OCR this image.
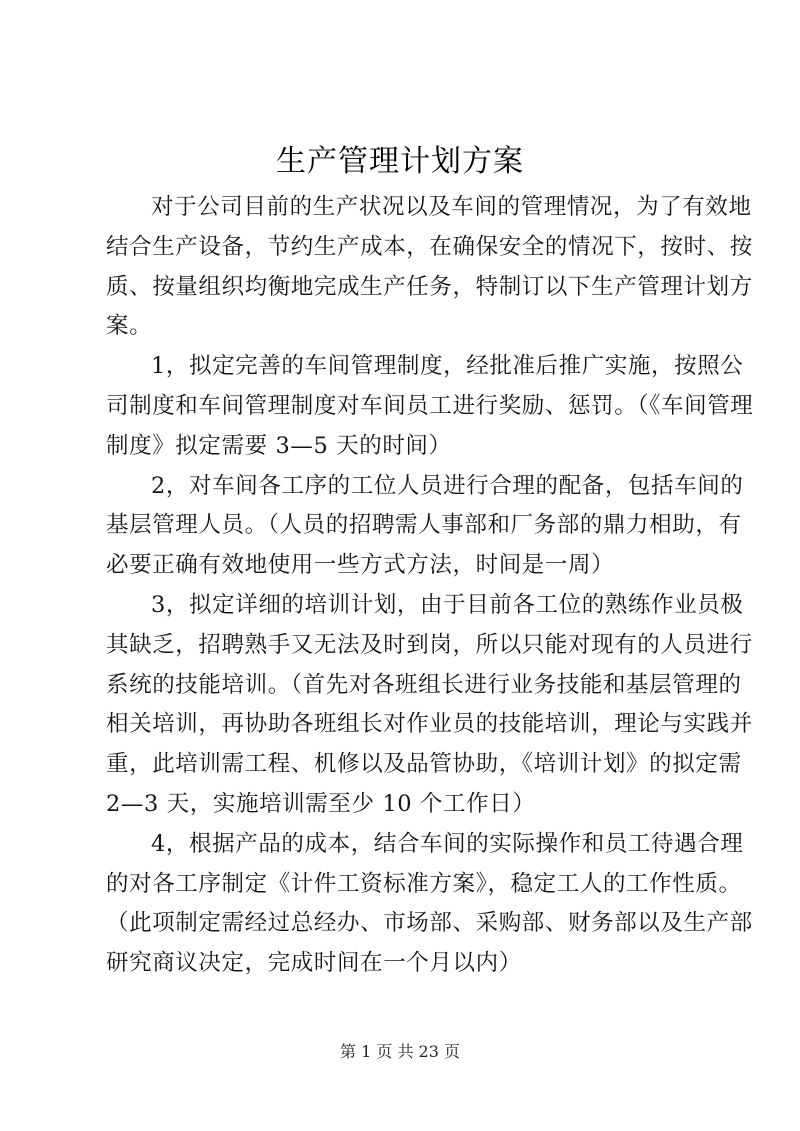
生产管理计划方案
对于公司目前的生产状况以及车间的管理情况，为了有效地
结合生产设备，节约生产成本，在确保安全的情况下，按时、按
质、按量组织均衡地完成生产任务，特制订以下生产管理计划方
案。
1，拟定完善的车间管理制度，经批准后推广实施，按照公
司制度和车间管理制度对车间员工进行奖励、惩罚。（《车间管理
制度》拟定需要 3—5 天的时间）
2，对车间各工序的工位人员进行合理的配备，包括车间的
基层管理人员。（人员的招聘需人事部和厂务部的鼎力相助，有
必要正确有效地使用一些方式方法，时间是一周）
3，拟定详细的培训计划，由于目前各工位的熟练作业员极
其缺乏，招聘熟手又无法及时到岗，所以只能对现有的人员进行
系统的技能培训。（首先对各班组长进行业务技能和基层管理的
相关培训，再协助各班组长对作业员的技能培训，理论与实践并
重，此培训需工程、机修以及品管协助，《培训计划》的拟定需
2—3 天，实施培训需至少 10 个工作日）
4，根据产品的成本，结合车间的实际操作和员工待遇合理
的对各工序制定《计件工资标准方案》，稳定工人的工作性质。
（此项制定需经过总经办、市场部、采购部、财务部以及生产部
研究商议决定，完成时间在一个月以内）
第 1 页 共 23 页
